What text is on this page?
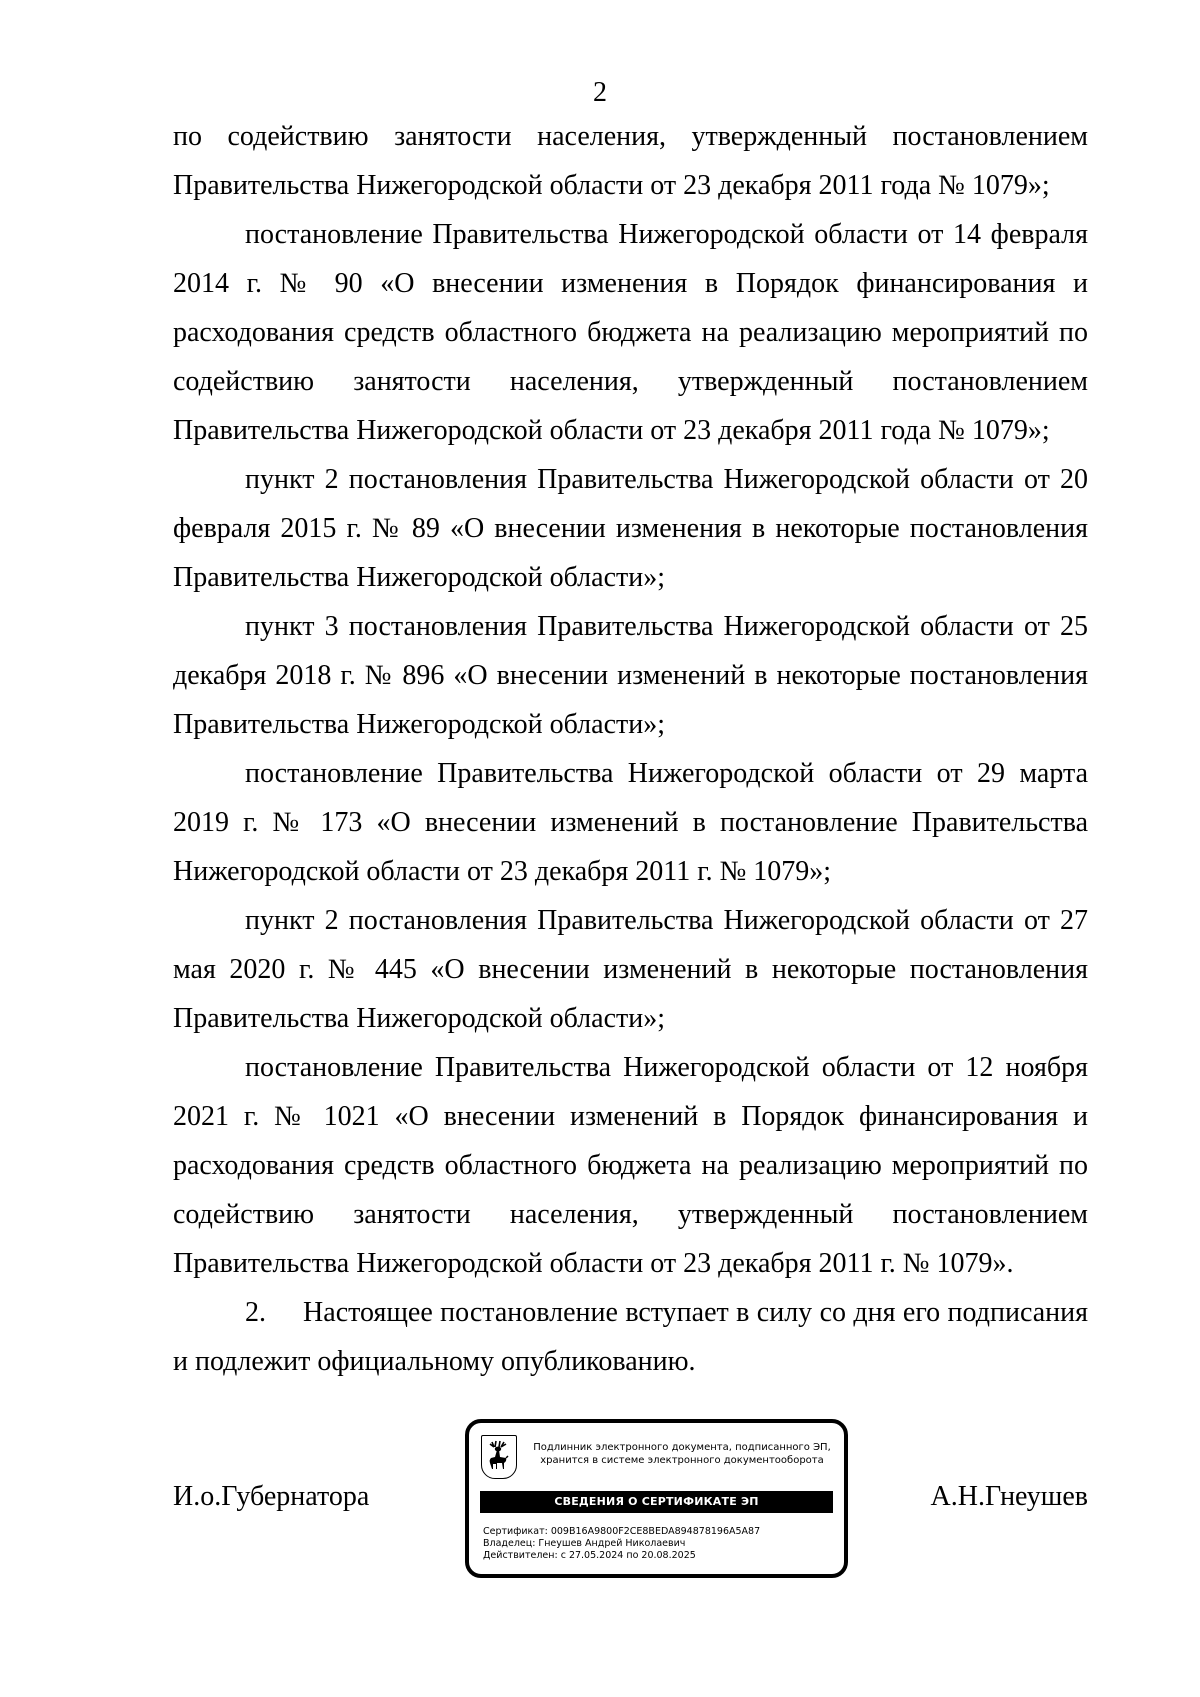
2

по содействию занятости населения, утвержденный постановлением Правительства Нижегородской области от 23 декабря 2011 года № 1079»;

постановление Правительства Нижегородской области от 14 февраля 2014 г. № 90 «О внесении изменения в Порядок финансирования и расходования средств областного бюджета на реализацию мероприятий по содействию занятости населения, утвержденный постановлением Правительства Нижегородской области от 23 декабря 2011 года № 1079»;

пункт 2 постановления Правительства Нижегородской области от 20 февраля 2015 г. № 89 «О внесении изменения в некоторые постановления Правительства Нижегородской области»;

пункт 3 постановления Правительства Нижегородской области от 25 декабря 2018 г. № 896 «О внесении изменений в некоторые постановления Правительства Нижегородской области»;

постановление Правительства Нижегородской области от 29 марта 2019 г. № 173 «О внесении изменений в постановление Правительства Нижегородской области от 23 декабря 2011 г. № 1079»;

пункт 2 постановления Правительства Нижегородской области от 27 мая 2020 г. № 445 «О внесении изменений в некоторые постановления Правительства Нижегородской области»;

постановление Правительства Нижегородской области от 12 ноября 2021 г. № 1021 «О внесении изменений в Порядок финансирования и расходования средств областного бюджета на реализацию мероприятий по содействию занятости населения, утвержденный постановлением Правительства Нижегородской области от 23 декабря 2011 г. № 1079».

2.     Настоящее постановление вступает в силу со дня его подписания и подлежит официальному опубликованию.

И.о.Губернатора	А.Н.Гнеушев
Подлинник электронного документа, подписанного ЭП,
хранится в системе электронного документооборота
СВЕДЕНИЯ О СЕРТИФИКАТЕ ЭП
Сертификат: 009B16A9800F2CE8BEDA894878196A5A87
Владелец: Гнеушев Андрей Николаевич
Действителен: с 27.05.2024 по 20.08.2025
